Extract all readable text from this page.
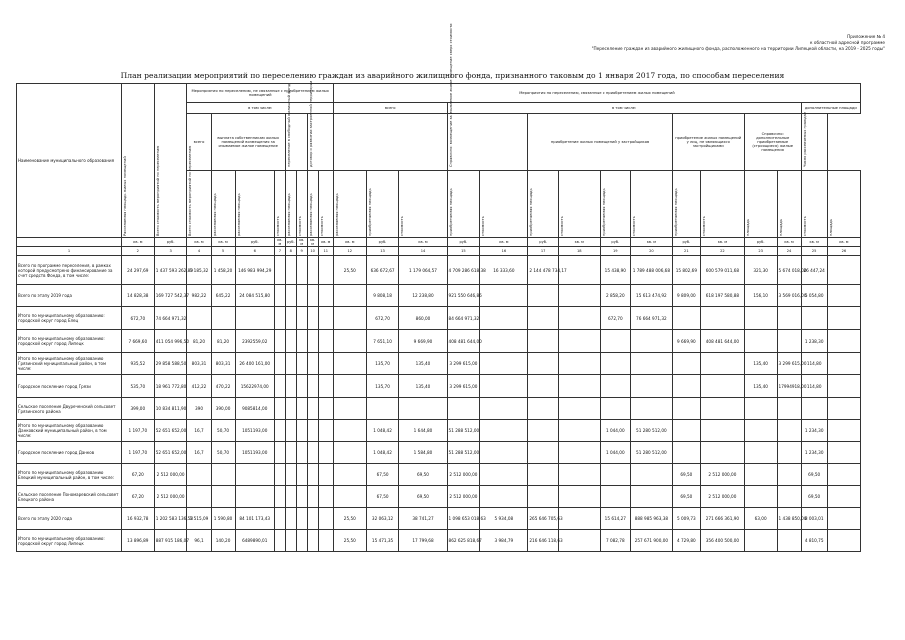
Приложение № 4
к областной адресной программе
"Переселение граждан из аварийного жилищного фонда, расположенного на территории Липецкой области, на 2019 - 2025 годы"
План реализации мероприятий по переселению граждан из аварийного жилищного фонда, признанного таковым до 1 января 2017 года, по способам переселения
Наименование муниципального образования	Расселяемая площадь жилых помещений	Всего стоимость мероприятий по переселению	Мероприятия по переселению, не связанные с приобретением жилых помещений								Мероприятия по переселению, связанные с приобретением жилых помещений														
			в том числе:								всего			в том числе:										дополнительные площади	
			всего	выплата собственникам жилых помещений возмещения за изымаемое жилое помещение			переселение в свободный жилищный фонд		договор о развитии застроенной территории					Справочно: возмещение за изымаемое жилое помещение сверх стоимости		приобретение жилых помещений у застройщиков				приобретение жилых помещений у лиц, не являющихся застройщиками		Справочно: дополнительные приобретаемые (строящиеся) жилые помещения		Число расселяемых граждан	

			Всего стоимость мероприятий по переселению	расселяемая площадь	расселяемая площадь	стоимость	расселяемая площадь	стоимость	расселяемая площадь	стоимость	расселяемая площадь	приобретаемая площадь	стоимость	приобретаемая площадь	стоимость	приобретаемая площадь	стоимость	приобретаемая площадь	стоимость	приобретаемая площадь	стоимость	площадь	площадь	стоимость	площадь

	кв. м	руб.	кв. м	кв. м	руб.	кв. м	руб.	кв. м	кв. м	кв. м	кв. м	руб.	кв. м	руб.	кв. м	руб.	кв. м	руб.	кв. м	руб.	кв. м	руб.	кв. м	кв. м	кв. м
1	2	3	4	5	6	7	8	9	10	11	12	13	14	15	16	17	18	19	20	21	22	23	24	25	26
Всего по программе переселения, в рамках которой предусмотрено финансирование за счет средств Фонда, в том числе:	24 297,69	1 437 593 262,89	1 185,32	1 458,20	146 983 994,29						25,50	636 672,67	1 179 064,57	4 709 286 618,38	16 333,60	2 144 478 734,17		15 438,90	1 789 488 006,68	15 802,69	600 579 011,68	321,30	5 674 018,00	26 447,24	
Всего по этапу 2019 года	14 828,38	169 727 542,37	982,22	645,22	24 084 515,80							9 808,18	12 238,80	921 550 646,86				2 858,20	15 613 474,92	9 809,00	618 197 580,88	156,10	3 569 016,00	5 054,80	
Итого по муниципальному образованию: городской округ город Елец	672,70	74 664 971,32										672,70	860,00	84 664 971,32				672,70	76 664 971,32						
Итого по муниципальному образованию: городской округ город Липецк	7 669,60	411 054 996,50	81,20	81,20	2392559,02							7 651,10	9 669,90	408 481 644,00						9 669,90	408 481 644,00			1 238,30	
Итого по муниципальному образованию Грязинский муниципальный район, в том числе:	935,52	29 858 588,50	803,31	803,31	26 400 161,00							135,70	135,40	3 299 615,00								135,40	3 299 615,00	114,80	
Городское поселение город Грязи	535,70	18 961 772,80	412,22	470,22	15622974,00							135,70	135,40	3 299 615,00								135,40	17994918,00	114,80	
Сельское поселение Двуреченский сельсовет Грязинского района	399,00	10 834 811,90	390	390,00	9085814,00																				
Итого по муниципальному образованию Данковский муниципальный район, в том числе:	1 197,70	52 651 652,00	16,7	50,70	1051193,00							1 048,42	1 644,80	51 288 512,00				1 044,00	51 280 512,00					1 234,30	
Городское поселение город Данков	1 197,70	52 651 652,00	16,7	50,70	1051193,00							1 048,42	1 584,80	51 288 512,00				1 044,00	51 280 512,00					1 234,30	
Итого по муниципальному образованию Елецкий муниципальный район, в том числе:	67,20	2 512 000,00										67,50	69,50	2 512 000,00						69,50	2 512 000,00			69,50	
Сельское поселение Пономаревский сельсовет Елецкого района	67,20	2 512 000,00										67,50	69,50	2 512 000,00						69,50	2 512 000,00			69,50	
Всего по этапу 2020 года	16 932,78	1 202 583 136,58	1 515,09	1 590,80	84 101 173,43						25,50	32 063,12	38 741,27	1 098 653 018,63	5 934,08	265 646 705,63		15 614,27	888 985 963,38	5 009,73	271 666 361,90	63,00	1 438 850,00	8 003,01	
Итого по муниципальному образованию: городской округ город Липецк	13 896,89	887 915 186,07	96,1	140,20	6489890,01						25,50	15 471,35	17 799,68	862 625 818,67	3 984,79	216 646 118,63		7 082,78	257 671 900,00	4 729,80	356 400 500,00			4 810,75	
